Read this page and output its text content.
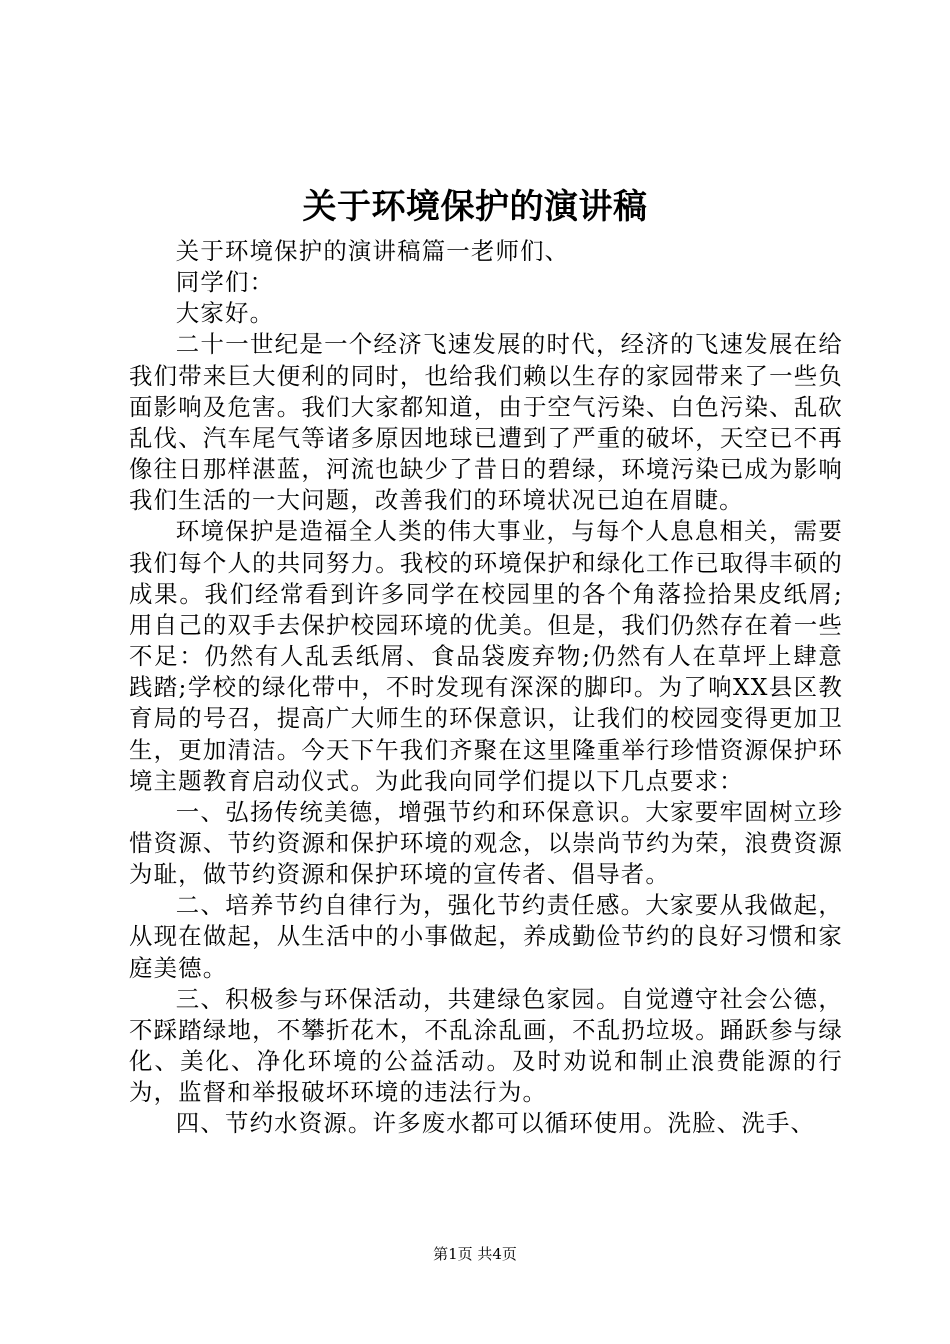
关于环境保护的演讲稿

关于环境保护的演讲稿篇一老师们、

同学们：

大家好。

二十一世纪是一个经济飞速发展的时代，经济的飞速发展在给我们带来巨大便利的同时，也给我们赖以生存的家园带来了一些负面影响及危害。我们大家都知道，由于空气污染、白色污染、乱砍乱伐、汽车尾气等诸多原因地球已遭到了严重的破坏，天空已不再像往日那样湛蓝，河流也缺少了昔日的碧绿，环境污染已成为影响我们生活的一大问题，改善我们的环境状况已迫在眉睫。

环境保护是造福全人类的伟大事业，与每个人息息相关，需要我们每个人的共同努力。我校的环境保护和绿化工作已取得丰硕的成果。我们经常看到许多同学在校园里的各个角落捡拾果皮纸屑;用自己的双手去保护校园环境的优美。但是，我们仍然存在着一些不足：仍然有人乱丢纸屑、食品袋废弃物;仍然有人在草坪上肆意践踏;学校的绿化带中，不时发现有深深的脚印。为了响XX县区教育局的号召，提高广大师生的环保意识，让我们的校园变得更加卫生，更加清洁。今天下午我们齐聚在这里隆重举行珍惜资源保护环境主题教育启动仪式。为此我向同学们提以下几点要求：

一、弘扬传统美德，增强节约和环保意识。大家要牢固树立珍惜资源、节约资源和保护环境的观念，以崇尚节约为荣，浪费资源为耻，做节约资源和保护环境的宣传者、倡导者。

二、培养节约自律行为，强化节约责任感。大家要从我做起，从现在做起，从生活中的小事做起，养成勤俭节约的良好习惯和家庭美德。

三、积极参与环保活动，共建绿色家园。自觉遵守社会公德，不踩踏绿地，不攀折花木，不乱涂乱画，不乱扔垃圾。踊跃参与绿化、美化、净化环境的公益活动。及时劝说和制止浪费能源的行为，监督和举报破坏环境的违法行为。

四、节约水资源。许多废水都可以循环使用。洗脸、洗手、

第1页 共4页
